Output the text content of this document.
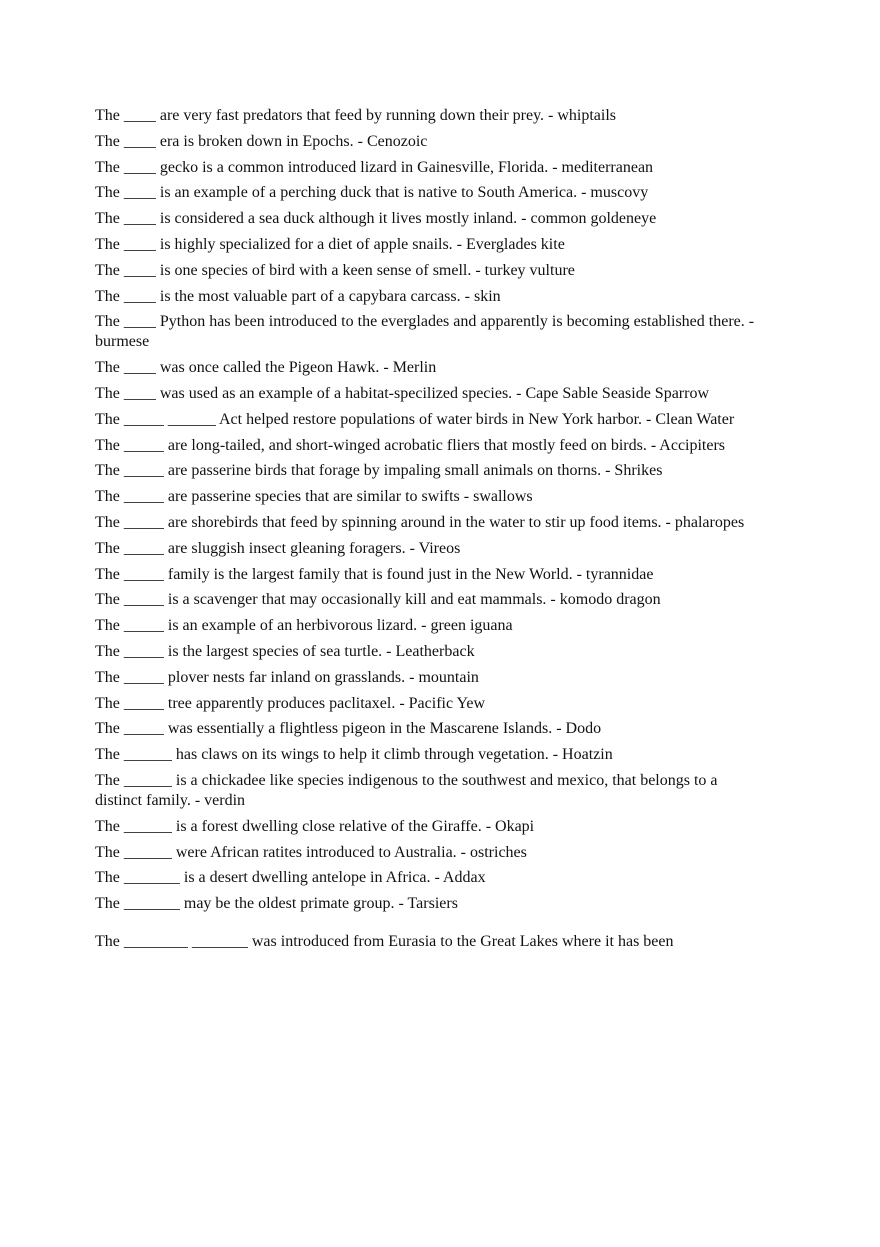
The ____ are very fast predators that feed by running down their prey. - whiptails
The ____ era is broken down in Epochs. - Cenozoic
The ____ gecko is a common introduced lizard in Gainesville, Florida. - mediterranean
The ____ is an example of a perching duck that is native to South America. - muscovy
The ____ is considered a sea duck although it lives mostly inland. - common goldeneye
The ____ is highly specialized for a diet of apple snails. - Everglades kite
The ____ is one species of bird with a keen sense of smell. - turkey vulture
The ____ is the most valuable part of a capybara carcass. - skin
The ____ Python has been introduced to the everglades and apparently is becoming established there. - burmese
The ____ was once called the Pigeon Hawk. - Merlin
The ____ was used as an example of a habitat-specilized species. - Cape Sable Seaside Sparrow
The _____ ______ Act helped restore populations of water birds in New York harbor. - Clean Water
The _____ are long-tailed, and short-winged acrobatic fliers that mostly feed on birds. - Accipiters
The _____ are passerine birds that forage by impaling small animals on thorns. - Shrikes
The _____ are passerine species that are similar to swifts - swallows
The _____ are shorebirds that feed by spinning around in the water to stir up food items. - phalaropes
The _____ are sluggish insect gleaning foragers. - Vireos
The _____ family is the largest family that is found just in the New World. - tyrannidae
The _____ is a scavenger that may occasionally kill and eat mammals. - komodo dragon
The _____ is an example of an herbivorous lizard. - green iguana
The _____ is the largest species of sea turtle. - Leatherback
The _____ plover nests far inland on grasslands. - mountain
The _____ tree apparently produces paclitaxel. - Pacific Yew
The _____ was essentially a flightless pigeon in the Mascarene Islands. - Dodo
The ______ has claws on its wings to help it climb through vegetation. - Hoatzin
The ______ is a chickadee like species indigenous to the southwest and mexico, that belongs to a distinct family. - verdin
The ______ is a forest dwelling close relative of the Giraffe. - Okapi
The ______ were African ratites introduced to Australia. - ostriches
The _______ is a desert dwelling antelope in Africa. - Addax
The _______ may be the oldest primate group. - Tarsiers
The ________ _______ was introduced from Eurasia to the Great Lakes where it has been
